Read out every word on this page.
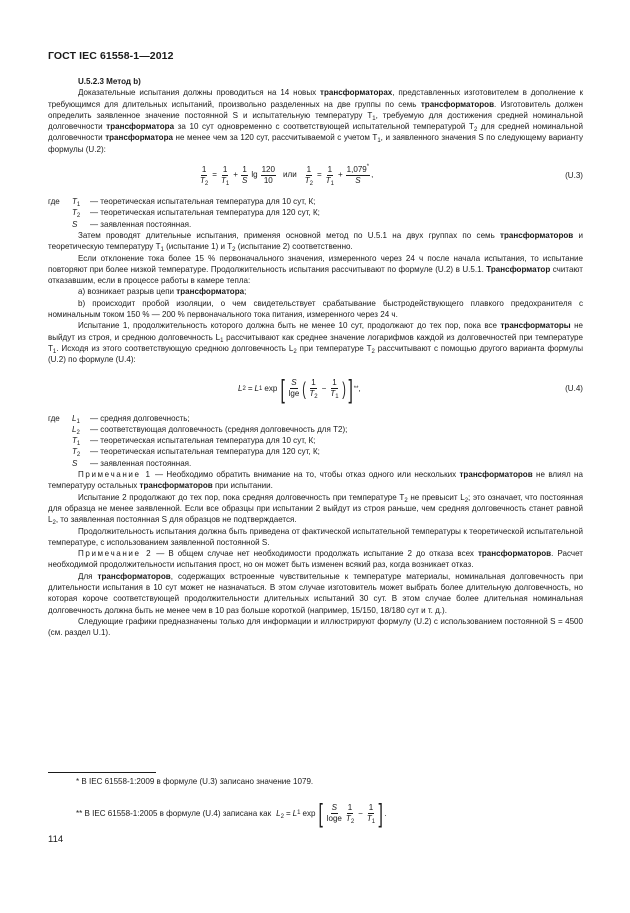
ГОСТ IEC 61558-1—2012

U.5.2.3 Метод b)

Доказательные испытания должны проводиться на 14 новых трансформаторах, представленных изготовителем в дополнение к требующимся для длительных испытаний, произвольно разделенных на две группы по семь трансформаторов. Изготовитель должен определить заявленное значение постоянной S и испытательную температуру $T_1$, требуемую для достижения средней номинальной долговечности трансформатора за 10 сут одновременно с соответствующей испытательной температурой $T_2$ для средней номинальной долговечности трансформатора не менее чем за 120 сут, рассчитываемой с учетом $T_1$, и заявленного значения S по следующему варианту формулы (U.2):

$\frac{1}{T_2} = \frac{1}{T_1} + \frac{1}{S}$ $\lg \frac{120}{10}$ или $\frac{1}{T_2} = \frac{1}{T_1} + \frac{1,079^*}{S}$ ,	(U.3)
где	$T_1$	— теоретическая испытательная температура для 10 сут, К;
$T_2$	— теоретическая испытательная температура для 120 сут, К;
S	— заявленная постоянная.

Затем проводят длительные испытания, применяя основной метод по U.5.1 на двух группах по семь трансформаторов и теоретическую температуру $T_1$ (испытание 1) и $T_2$ (испытание 2) соответственно.

Если отклонение тока более 15 % первоначального значения, измеренного через 24 ч после начала испытания, то испытание повторяют при более низкой температуре. Продолжительность испытания рассчитывают по формуле (U.2) в U.5.1. Трансформатор считают отказавшим, если в процессе работы в камере тепла:

a) возникает разрыв цепи трансформатора;

b) происходит пробой изоляции, о чем свидетельствует срабатывание быстродействующего плавкого предохранителя с номинальным током 150 % — 200 % первоначального тока питания, измеренного через 24 ч.

Испытание 1, продолжительность которого должна быть не менее 10 сут, продолжают до тех пор, пока все трансформаторы не выйдут из строя, и среднюю долговечность $L_1$ рассчитывают как среднее значение логарифмов каждой из долговечностей при температуре $T_1$. Исходя из этого соответствующую среднюю долговечность $L_2$ при температуре $T_2$ рассчитывают с помощью другого варианта формулы (U.2) по формуле (U.4):

L 2 = L 1 exp [ $\frac{S}{\lg e}$ ( $\frac{1}{T_2} - \frac{1}{T_1}$ ) ] ** ,	(U.4)
где	$L_1$	— средняя долговечность;
$L_2$	— соответствующая долговечность (средняя долговечность для T2);
$T_1$	— теоретическая испытательная температура для 10 сут, К;
$T_2$	— теоретическая испытательная температура для 120 сут, К;
S	— заявленная постоянная.

Примечание 1 — Необходимо обратить внимание на то, чтобы отказ одного или нескольких трансформаторов не влиял на температуру остальных трансформаторов при испытании.

Испытание 2 продолжают до тех пор, пока средняя долговечность при температуре $T_2$ не превысит $L_2$; это означает, что постоянная для образца не менее заявленной. Если все образцы при испытании 2 выйдут из строя раньше, чем средняя долговечность станет равной $L_2$, то заявленная постоянная S для образцов не подтверждается.

Продолжительность испытания должна быть приведена от фактической испытательной температуры к теоретической испытательной температуре, с использованием заявленной постоянной S.

Примечание 2 — В общем случае нет необходимости продолжать испытание 2 до отказа всех трансформаторов. Расчет необходимой продолжительности испытания прост, но он может быть изменен всякий раз, когда возникает отказ.

Для трансформаторов, содержащих встроенные чувствительные к температуре материалы, номинальная долговечность при длительности испытания в 10 сут может не назначаться. В этом случае изготовитель может выбрать более длительную долговечность, но которая короче соответствующей продолжительности длительных испытаний 30 сут. В этом случае более длительная номинальная долговечность должна быть не менее чем в 10 раз больше короткой (например, 15/150, 18/180 сут и т. д.).

Следующие графики предназначены только для информации и иллюстрируют формулу (U.2) с использованием постоянной S = 4500 (см. раздел U.1).

* В IEC 61558-1:2009 в формуле (U.3) записано значение 1079.
** В IEC 61558-1:2005 в формуле (U.4) записана как $L_2 = L$ 1 exp [ $\frac{S}{\log e} \frac{1}{T_2} - \frac{1}{T_1}$ ] .
114
